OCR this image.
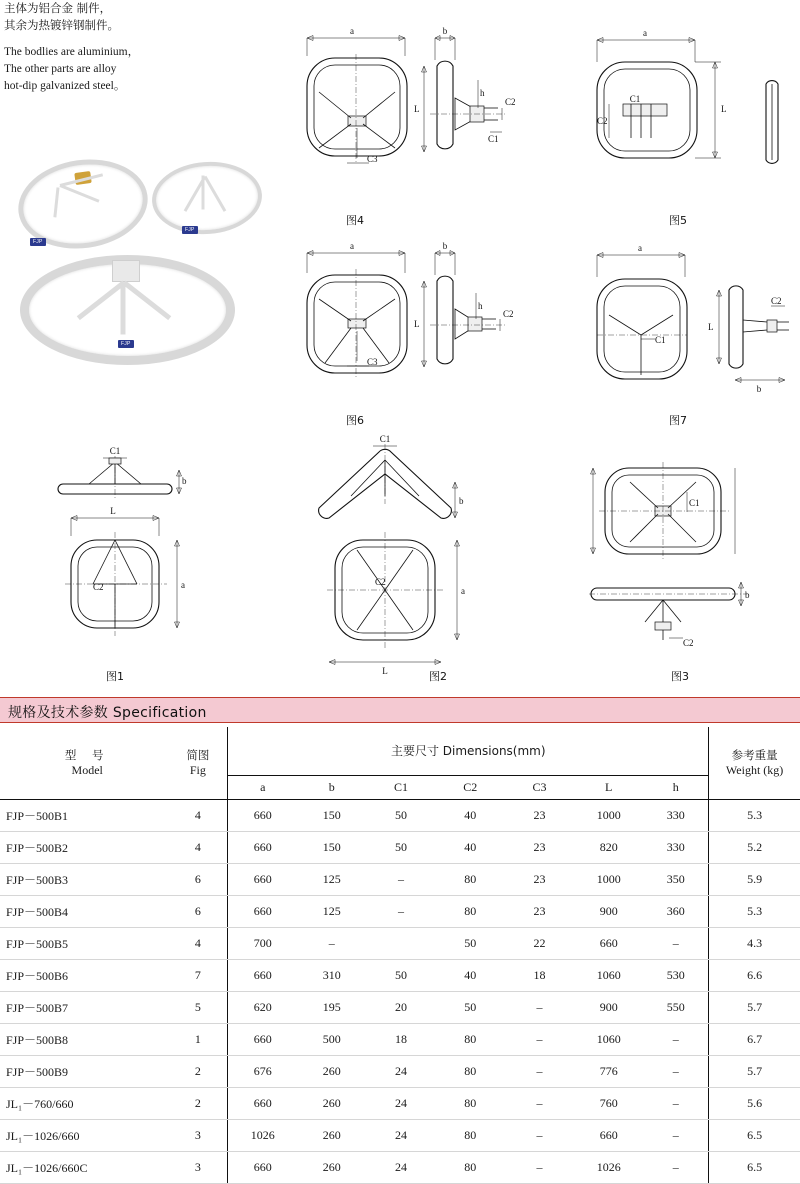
主体为铝合金 制件，
其余为热镀锌钢制件。
The bodlies are aluminium，
The other parts are alloy
hot-dip galvanized steel。
FJP
FJP
FJP
a
C3
图4
b
h
C2
C1
L
a
C2
C1
L
图5
a
C3
图6
b
h
C2
L
a
C1
图7
C2
L
b
C1
b
L
C2	a
图1
C1
b
C2
a
L	图2
C1
b
C2
图3
规格及技术参数 Specification
型 号
Model

简图
Fig
	主要尺寸 Dimensions(mm)	参考重量
Weight (kg)

		a	b	C1	C2	C3	L	h	
FJP－500B1	4	660	150	50	40	23	1000	330	5.3
FJP－500B2	4	660	150	50	40	23	820	330	5.2
FJP－500B3	6	660	125	–	80	23	1000	350	5.9
FJP－500B4	6	660	125	–	80	23	900	360	5.3
FJP－500B5	4	700	–		50	22	660	–	4.3
FJP－500B6	7	660	310	50	40	18	1060	530	6.6
FJP－500B7	5	620	195	20	50	–	900	550	5.7
FJP－500B8	1	660	500	18	80	–	1060	–	6.7
FJP－500B9	2	676	260	24	80	–	776	–	5.7
JL₁－760/660	2	660	260	24	80	–	760	–	5.6
JL₁－1026/660	3	1026	260	24	80	–	660	–	6.5
JL₁－1026/660C	3	660	260	24	80	–	1026	–	6.5
